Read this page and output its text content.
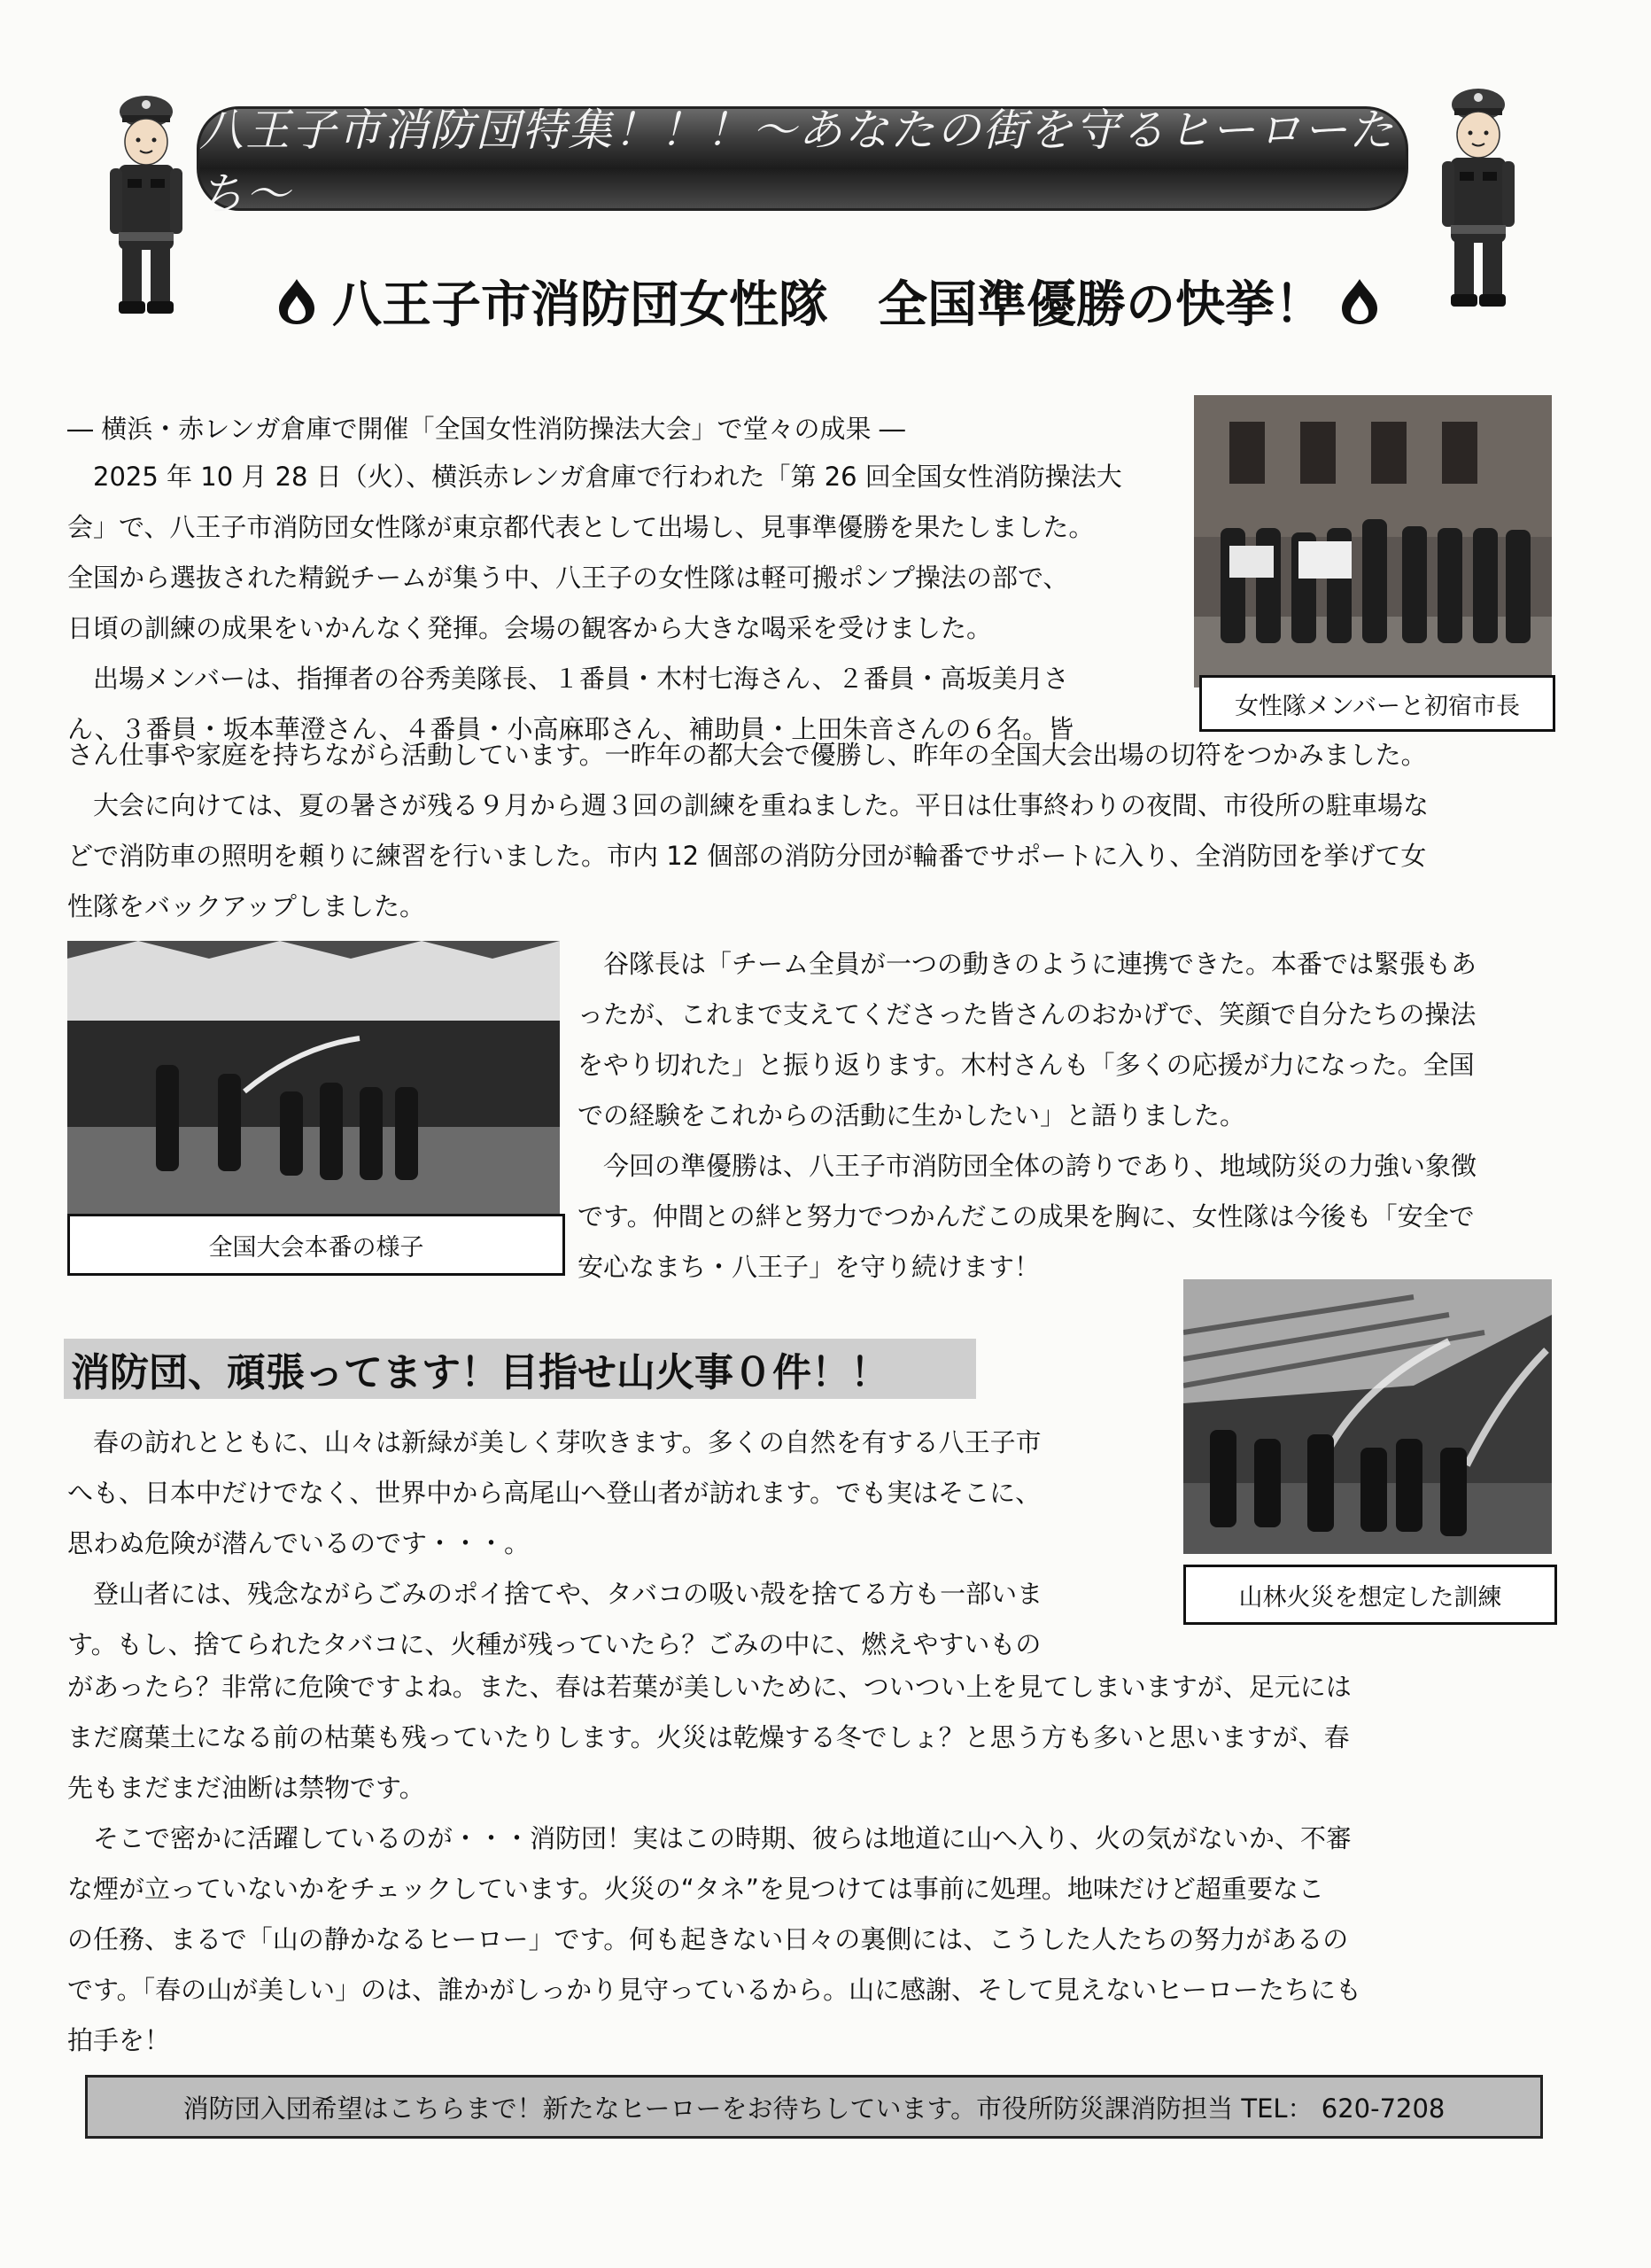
八王子市消防団特集！！！～あなたの街を守るヒーローたち～
八王子市消防団女性隊　全国準優勝の快挙！
― 横浜・赤レンガ倉庫で開催「全国女性消防操法大会」で堂々の成果 ―
　2025 年 10 月 28 日（火）、横浜赤レンガ倉庫で行われた「第 26 回全国女性消防操法大
会」で、八王子市消防団女性隊が東京都代表として出場し、見事準優勝を果たしました。
全国から選抜された精鋭チームが集う中、八王子の女性隊は軽可搬ポンプ操法の部で、
日頃の訓練の成果をいかんなく発揮。会場の観客から大きな喝采を受けました。
　出場メンバーは、指揮者の谷秀美隊長、１番員・木村七海さん、２番員・高坂美月さ
ん、３番員・坂本華澄さん、４番員・小高麻耶さん、補助員・上田朱音さんの６名。皆
女性隊メンバーと初宿市長
さん仕事や家庭を持ちながら活動しています。一昨年の都大会で優勝し、昨年の全国大会出場の切符をつかみました。
　大会に向けては、夏の暑さが残る９月から週３回の訓練を重ねました。平日は仕事終わりの夜間、市役所の駐車場な
どで消防車の照明を頼りに練習を行いました。市内 12 個部の消防分団が輪番でサポートに入り、全消防団を挙げて女
性隊をバックアップしました。
全国大会本番の様子
　谷隊長は「チーム全員が一つの動きのように連携できた。本番では緊張もあ
ったが、これまで支えてくださった皆さんのおかげで、笑顔で自分たちの操法
をやり切れた」と振り返ります。木村さんも「多くの応援が力になった。全国
での経験をこれからの活動に生かしたい」と語りました。
　今回の準優勝は、八王子市消防団全体の誇りであり、地域防災の力強い象徴
です。仲間との絆と努力でつかんだこの成果を胸に、女性隊は今後も「安全で
安心なまち・八王子」を守り続けます！
消防団、頑張ってます！目指せ山火事０件！！
山林火災を想定した訓練
　春の訪れとともに、山々は新緑が美しく芽吹きます。多くの自然を有する八王子市
へも、日本中だけでなく、世界中から高尾山へ登山者が訪れます。でも実はそこに、
思わぬ危険が潜んでいるのです・・・。
　登山者には、残念ながらごみのポイ捨てや、タバコの吸い殻を捨てる方も一部いま
す。もし、捨てられたタバコに、火種が残っていたら？ごみの中に、燃えやすいもの
があったら？非常に危険ですよね。また、春は若葉が美しいために、ついつい上を見てしまいますが、足元には
まだ腐葉土になる前の枯葉も残っていたりします。火災は乾燥する冬でしょ？と思う方も多いと思いますが、春
先もまだまだ油断は禁物です。
　そこで密かに活躍しているのが・・・消防団！実はこの時期、彼らは地道に山へ入り、火の気がないか、不審
な煙が立っていないかをチェックしています。火災の“タネ”を見つけては事前に処理。地味だけど超重要なこ
の任務、まるで「山の静かなるヒーロー」です。何も起きない日々の裏側には、こうした人たちの努力があるの
です。「春の山が美しい」のは、誰かがしっかり見守っているから。山に感謝、そして見えないヒーローたちにも
拍手を！
消防団入団希望はこちらまで！新たなヒーローをお待ちしています。市役所防災課消防担当 TEL： 620-7208
